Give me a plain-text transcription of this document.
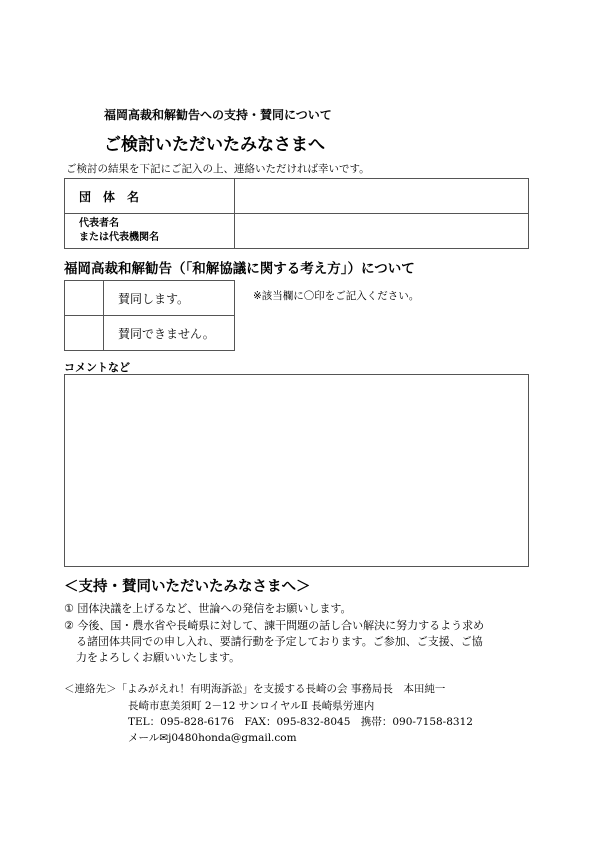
福岡高裁和解勧告への支持・賛同について
ご検討いただいたみなさまへ
ご検討の結果を下記にご記入の上、連絡いただければ幸いです。
団　体　名	

代表者名
または代表機関名	

福岡高裁和解勧告（「和解協議に関する考え方」）について
	賛同します。
	賛同できません。
※該当欄に〇印をご記入ください。
コメントなど
＜支持・賛同いただいたみなさまへ＞
① 団体決議を上げるなど、世論への発信をお願いします。
② 今後、国・農水省や長崎県に対して、諫干問題の話し合い解決に努力するよう求め
る諸団体共同での申し入れ、要請行動を予定しております。ご参加、ご支援、ご協
力をよろしくお願いいたします。
＜連絡先＞「よみがえれ！有明海訴訟」を支援する長崎の会 事務局長　本田純一
長崎市恵美須町 2－12 サンロイヤルⅡ 長崎県労連内
TEL：095-828-6176　FAX：095-832-8045　携帯：090-7158-8312
メール✉j0480honda@gmail.com
